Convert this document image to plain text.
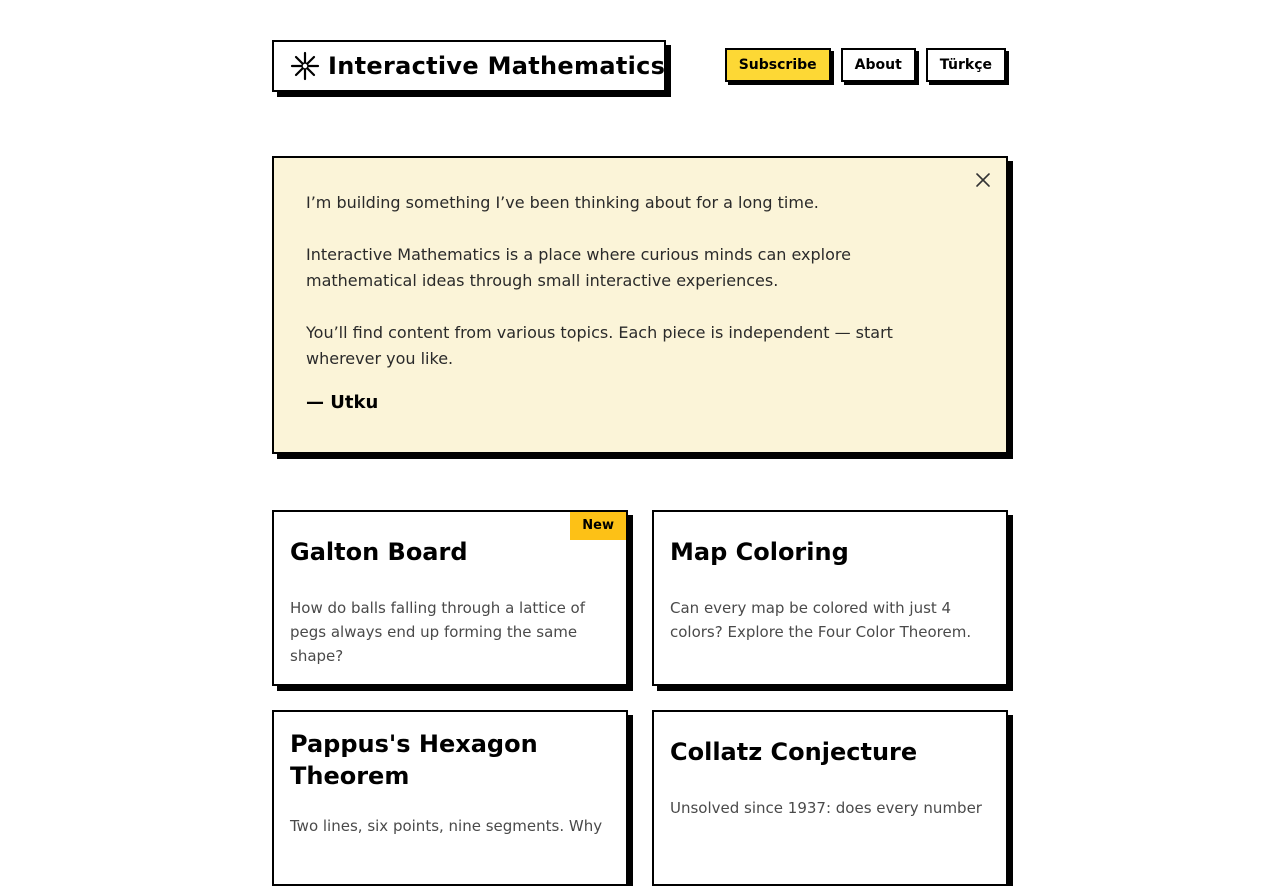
Interactive Mathematics	Subscribe	About	Türkçe

I’m building something I’ve been thinking about for a long time.

Interactive Mathematics is a place where curious minds can explore mathematical ideas through small interactive experiences.

You’ll find content from various topics. Each piece is independent — start wherever you like.

— Utku
New
Galton Board

How do balls falling through a lattice of pegs always end up forming the same shape?

Map Coloring

Can every map be colored with just 4 colors? Explore the Four Color Theorem.

Pappus's Hexagon Theorem

Two lines, six points, nine segments. Why

Collatz Conjecture

Unsolved since 1937: does every number
